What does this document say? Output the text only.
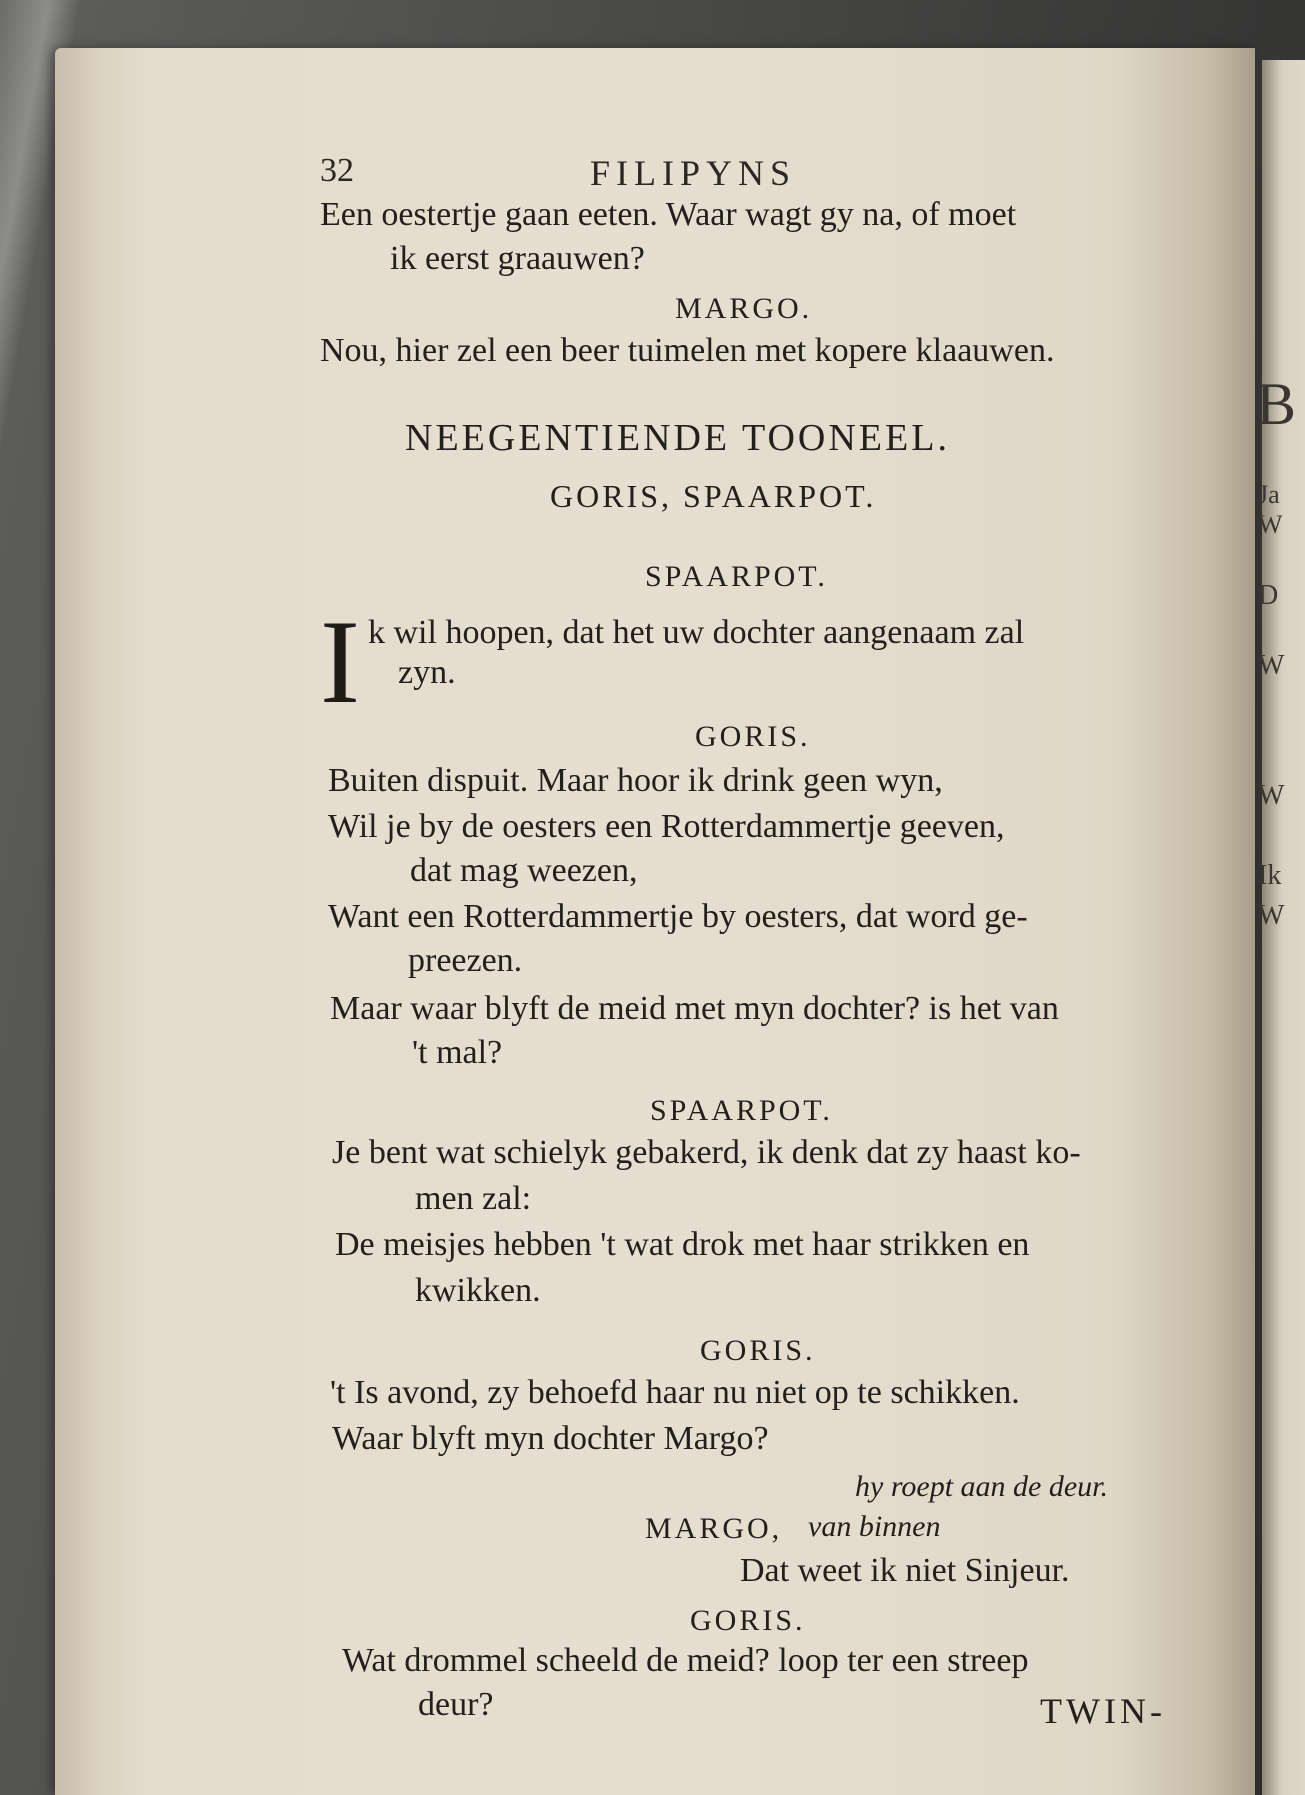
B
Ja
W
D
W
W
Ik
W
32	FILIPYNS
Een oestertje gaan eeten. Waar wagt gy na, of moet
ik eerst graauwen?
MARGO.
Nou, hier zel een beer tuimelen met kopere klaauwen.
NEEGENTIENDE TOONEEL.
GORIS, SPAARPOT.
SPAARPOT.
I k wil hoopen, dat het uw dochter aangenaam zal
zyn.
GORIS.
Buiten dispuit. Maar hoor ik drink geen wyn,
Wil je by de oesters een Rotterdammertje geeven,
dat mag weezen,
Want een Rotterdammertje by oesters, dat word ge-
preezen.
Maar waar blyft de meid met myn dochter? is het van
't mal?
SPAARPOT.
Je bent wat schielyk gebakerd, ik denk dat zy haast ko-
men zal:
De meisjes hebben 't wat drok met haar strikken en
kwikken.
GORIS.
't Is avond, zy behoefd haar nu niet op te schikken.
Waar blyft myn dochter Margo?
hy roept aan de deur.
MARGO, van binnen
Dat weet ik niet Sinjeur.
GORIS.
Wat drommel scheeld de meid? loop ter een streep
deur?	TWIN-
